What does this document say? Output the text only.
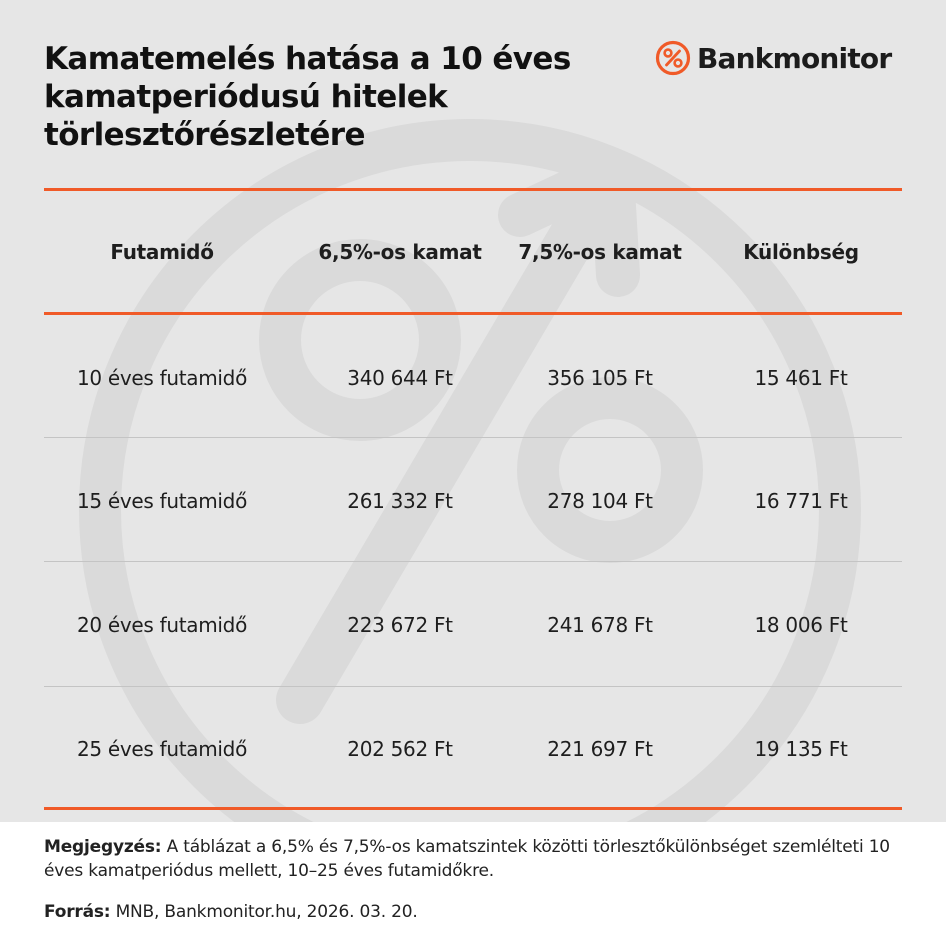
Kamatemelés hatása a 10 éves
kamatperiódusú hitelek
törlesztőrészletére
Bankmonitor
Futamidő	6,5%-os kamat	7,5%-os kamat	Különbség
10 éves futamidő	340 644 Ft	356 105 Ft	15 461 Ft
15 éves futamidő	261 332 Ft	278 104 Ft	16 771 Ft
20 éves futamidő	223 672 Ft	241 678 Ft	18 006 Ft
25 éves futamidő	202 562 Ft	221 697 Ft	19 135 Ft

Megjegyzés: A táblázat a 6,5% és 7,5%-os kamatszintek közötti törlesztőkülönbséget szemlélteti 10 éves kamatperiódus mellett, 10–25 éves futamidőkre.

Forrás: MNB, Bankmonitor.hu, 2026. 03. 20.
